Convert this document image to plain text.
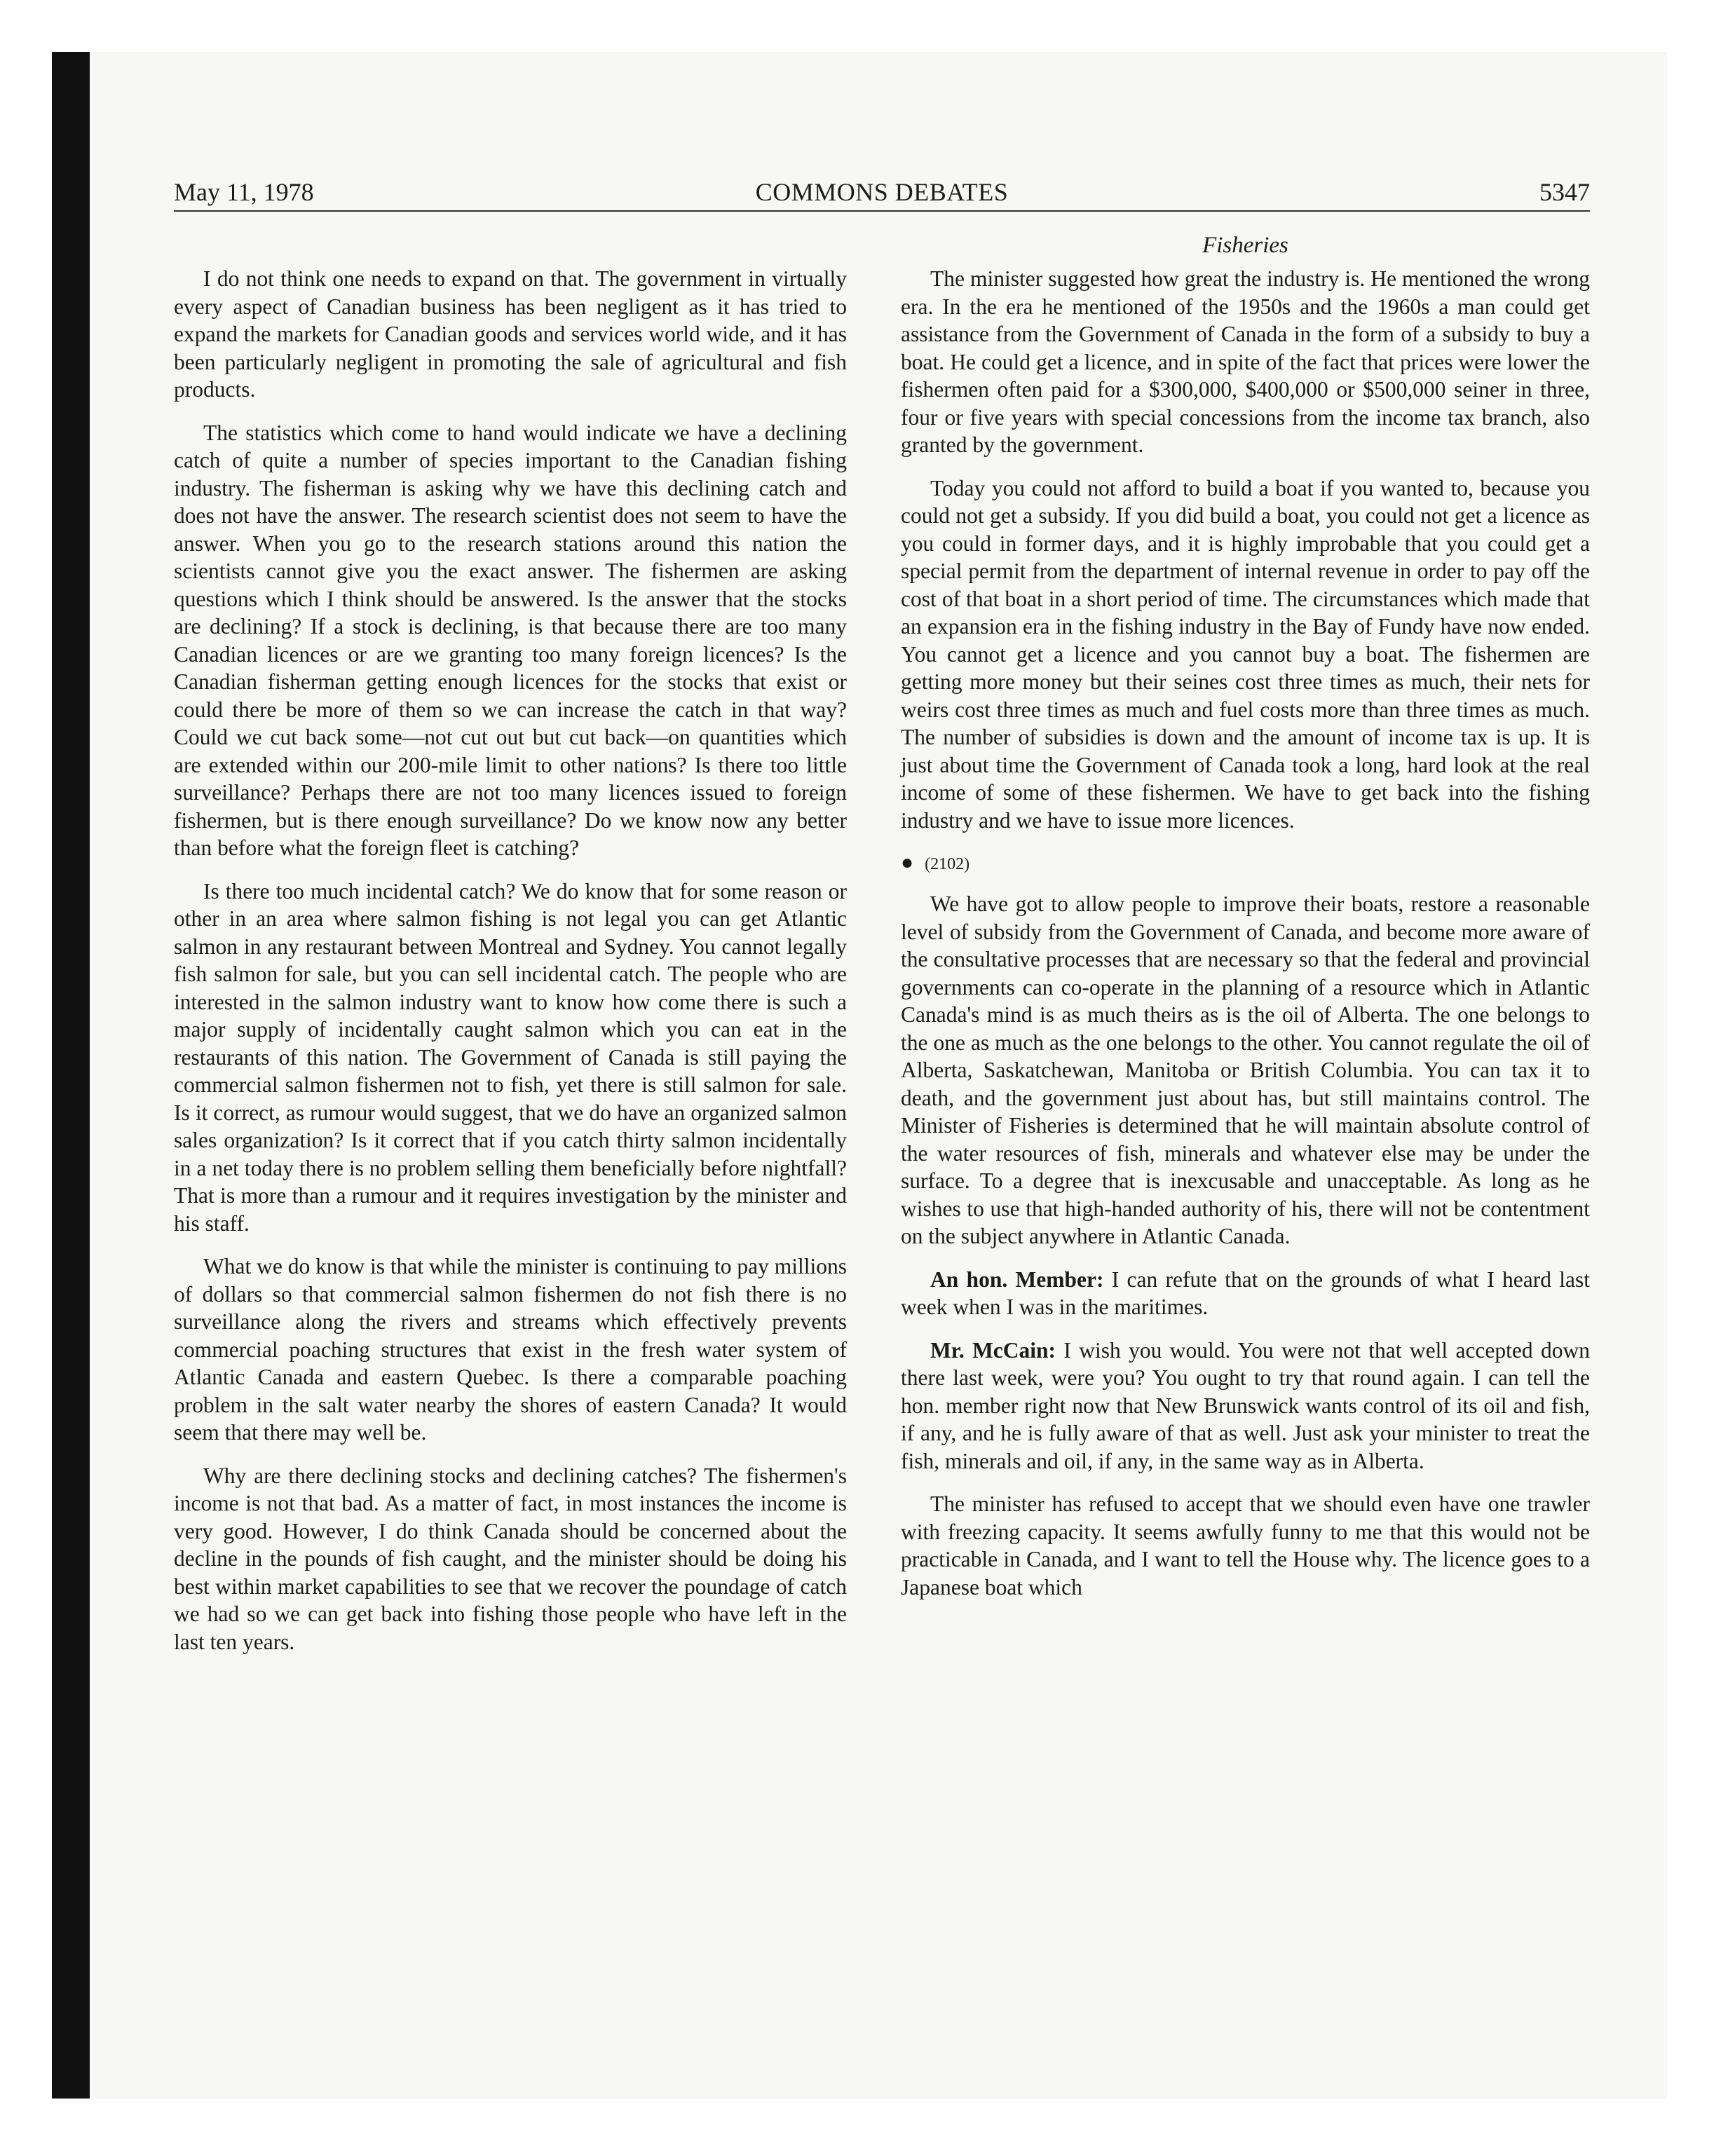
May 11, 1978	COMMONS DEBATES	5347

I do not think one needs to expand on that. The government in virtually every aspect of Canadian business has been negligent as it has tried to expand the markets for Canadian goods and services world wide, and it has been particularly negligent in promoting the sale of agricultural and fish products.

The statistics which come to hand would indicate we have a declining catch of quite a number of species important to the Canadian fishing industry. The fisherman is asking why we have this declining catch and does not have the answer. The research scientist does not seem to have the answer. When you go to the research stations around this nation the scientists cannot give you the exact answer. The fishermen are asking questions which I think should be answered. Is the answer that the stocks are declining? If a stock is declining, is that because there are too many Canadian licences or are we granting too many foreign licences? Is the Canadian fisherman getting enough licences for the stocks that exist or could there be more of them so we can increase the catch in that way? Could we cut back some—not cut out but cut back—on quantities which are extended within our 200-mile limit to other nations? Is there too little surveillance? Perhaps there are not too many licences issued to foreign fishermen, but is there enough surveillance? Do we know now any better than before what the foreign fleet is catching?

Is there too much incidental catch? We do know that for some reason or other in an area where salmon fishing is not legal you can get Atlantic salmon in any restaurant between Montreal and Sydney. You cannot legally fish salmon for sale, but you can sell incidental catch. The people who are interested in the salmon industry want to know how come there is such a major supply of incidentally caught salmon which you can eat in the restaurants of this nation. The Government of Canada is still paying the commercial salmon fishermen not to fish, yet there is still salmon for sale. Is it correct, as rumour would suggest, that we do have an organized salmon sales organization? Is it correct that if you catch thirty salmon incidentally in a net today there is no problem selling them beneficially before nightfall? That is more than a rumour and it requires investigation by the minister and his staff.

What we do know is that while the minister is continuing to pay millions of dollars so that commercial salmon fishermen do not fish there is no surveillance along the rivers and streams which effectively prevents commercial poaching structures that exist in the fresh water system of Atlantic Canada and eastern Quebec. Is there a comparable poaching problem in the salt water nearby the shores of eastern Canada? It would seem that there may well be.

Why are there declining stocks and declining catches? The fishermen's income is not that bad. As a matter of fact, in most instances the income is very good. However, I do think Canada should be concerned about the decline in the pounds of fish caught, and the minister should be doing his best within market capabilities to see that we recover the poundage of catch we had so we can get back into fishing those people who have left in the last ten years.

Fisheries

The minister suggested how great the industry is. He mentioned the wrong era. In the era he mentioned of the 1950s and the 1960s a man could get assistance from the Government of Canada in the form of a subsidy to buy a boat. He could get a licence, and in spite of the fact that prices were lower the fishermen often paid for a $300,000, $400,000 or $500,000 seiner in three, four or five years with special concessions from the income tax branch, also granted by the government.

Today you could not afford to build a boat if you wanted to, because you could not get a subsidy. If you did build a boat, you could not get a licence as you could in former days, and it is highly improbable that you could get a special permit from the department of internal revenue in order to pay off the cost of that boat in a short period of time. The circumstances which made that an expansion era in the fishing industry in the Bay of Fundy have now ended. You cannot get a licence and you cannot buy a boat. The fishermen are getting more money but their seines cost three times as much, their nets for weirs cost three times as much and fuel costs more than three times as much. The number of subsidies is down and the amount of income tax is up. It is just about time the Government of Canada took a long, hard look at the real income of some of these fishermen. We have to get back into the fishing industry and we have to issue more licences.

● (2102)

We have got to allow people to improve their boats, restore a reasonable level of subsidy from the Government of Canada, and become more aware of the consultative processes that are necessary so that the federal and provincial governments can co-operate in the planning of a resource which in Atlantic Canada's mind is as much theirs as is the oil of Alberta. The one belongs to the one as much as the one belongs to the other. You cannot regulate the oil of Alberta, Saskatchewan, Manitoba or British Columbia. You can tax it to death, and the government just about has, but still maintains control. The Minister of Fisheries is determined that he will maintain absolute control of the water resources of fish, minerals and whatever else may be under the surface. To a degree that is inexcusable and unacceptable. As long as he wishes to use that high-handed authority of his, there will not be contentment on the subject anywhere in Atlantic Canada.

An hon. Member: I can refute that on the grounds of what I heard last week when I was in the maritimes.

Mr. McCain: I wish you would. You were not that well accepted down there last week, were you? You ought to try that round again. I can tell the hon. member right now that New Brunswick wants control of its oil and fish, if any, and he is fully aware of that as well. Just ask your minister to treat the fish, minerals and oil, if any, in the same way as in Alberta.

The minister has refused to accept that we should even have one trawler with freezing capacity. It seems awfully funny to me that this would not be practicable in Canada, and I want to tell the House why. The licence goes to a Japanese boat which
